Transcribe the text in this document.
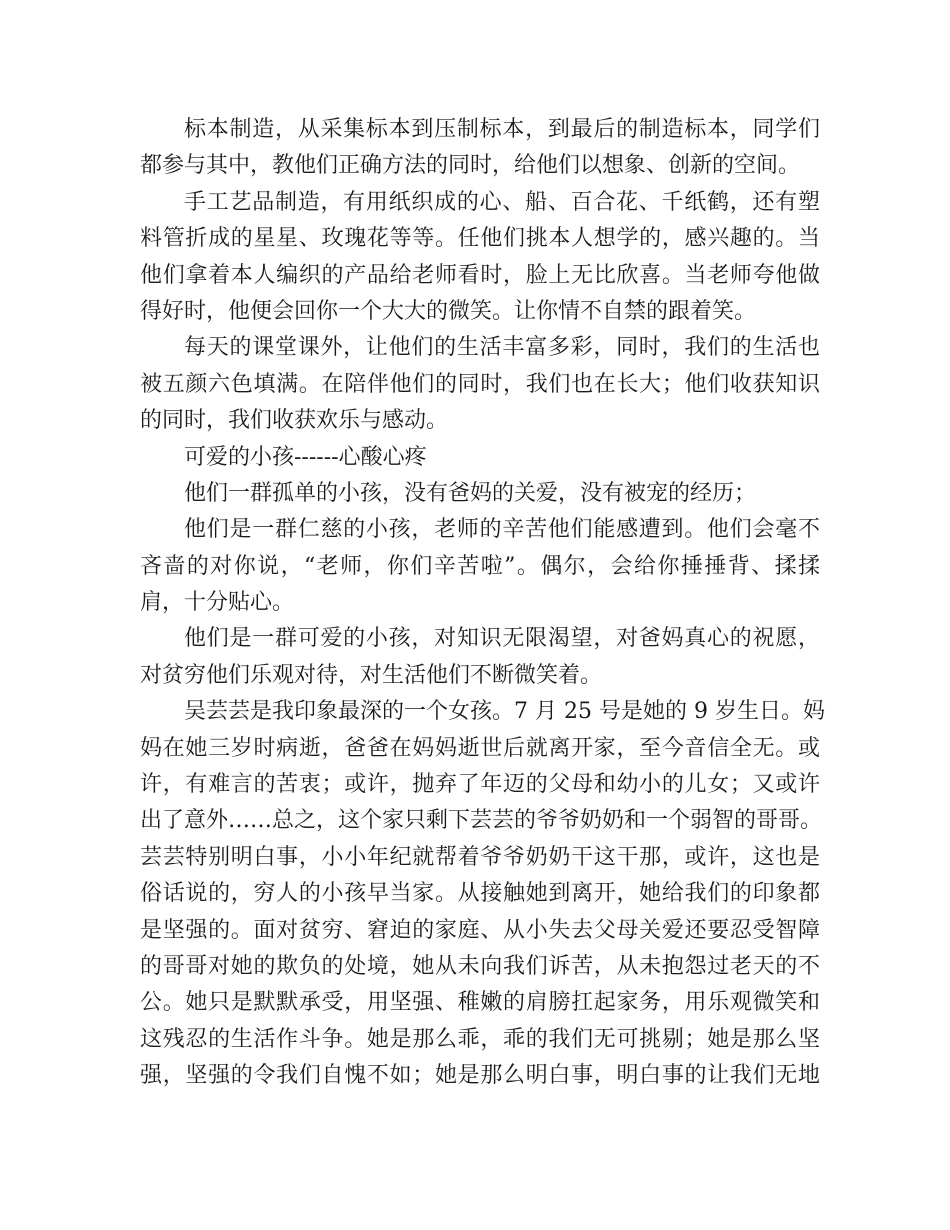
标本制造，从采集标本到压制标本，到最后的制造标本，同学们
都参与其中，教他们正确方法的同时，给他们以想象、创新的空间。
手工艺品制造，有用纸织成的心、船、百合花、千纸鹤，还有塑
料管折成的星星、玫瑰花等等。任他们挑本人想学的，感兴趣的。当
他们拿着本人编织的产品给老师看时，脸上无比欣喜。当老师夸他做
得好时，他便会回你一个大大的微笑。让你情不自禁的跟着笑。
每天的课堂课外，让他们的生活丰富多彩，同时，我们的生活也
被五颜六色填满。在陪伴他们的同时，我们也在长大；他们收获知识
的同时，我们收获欢乐与感动。
可爱的小孩------心酸心疼
他们一群孤单的小孩，没有爸妈的关爱，没有被宠的经历；
他们是一群仁慈的小孩，老师的辛苦他们能感遭到。他们会毫不
吝啬的对你说，“老师，你们辛苦啦”。偶尔，会给你捶捶背、揉揉
肩，十分贴心。
他们是一群可爱的小孩，对知识无限渴望，对爸妈真心的祝愿，
对贫穷他们乐观对待，对生活他们不断微笑着。
吴芸芸是我印象最深的一个女孩。7 月 25 号是她的 9 岁生日。妈
妈在她三岁时病逝，爸爸在妈妈逝世后就离开家，至今音信全无。或
许，有难言的苦衷；或许，抛弃了年迈的父母和幼小的儿女；又或许
出了意外……总之，这个家只剩下芸芸的爷爷奶奶和一个弱智的哥哥。
芸芸特别明白事，小小年纪就帮着爷爷奶奶干这干那，或许，这也是
俗话说的，穷人的小孩早当家。从接触她到离开，她给我们的印象都
是坚强的。面对贫穷、窘迫的家庭、从小失去父母关爱还要忍受智障
的哥哥对她的欺负的处境，她从未向我们诉苦，从未抱怨过老天的不
公。她只是默默承受，用坚强、稚嫩的肩膀扛起家务，用乐观微笑和
这残忍的生活作斗争。她是那么乖，乖的我们无可挑剔；她是那么坚
强，坚强的令我们自愧不如；她是那么明白事，明白事的让我们无地
